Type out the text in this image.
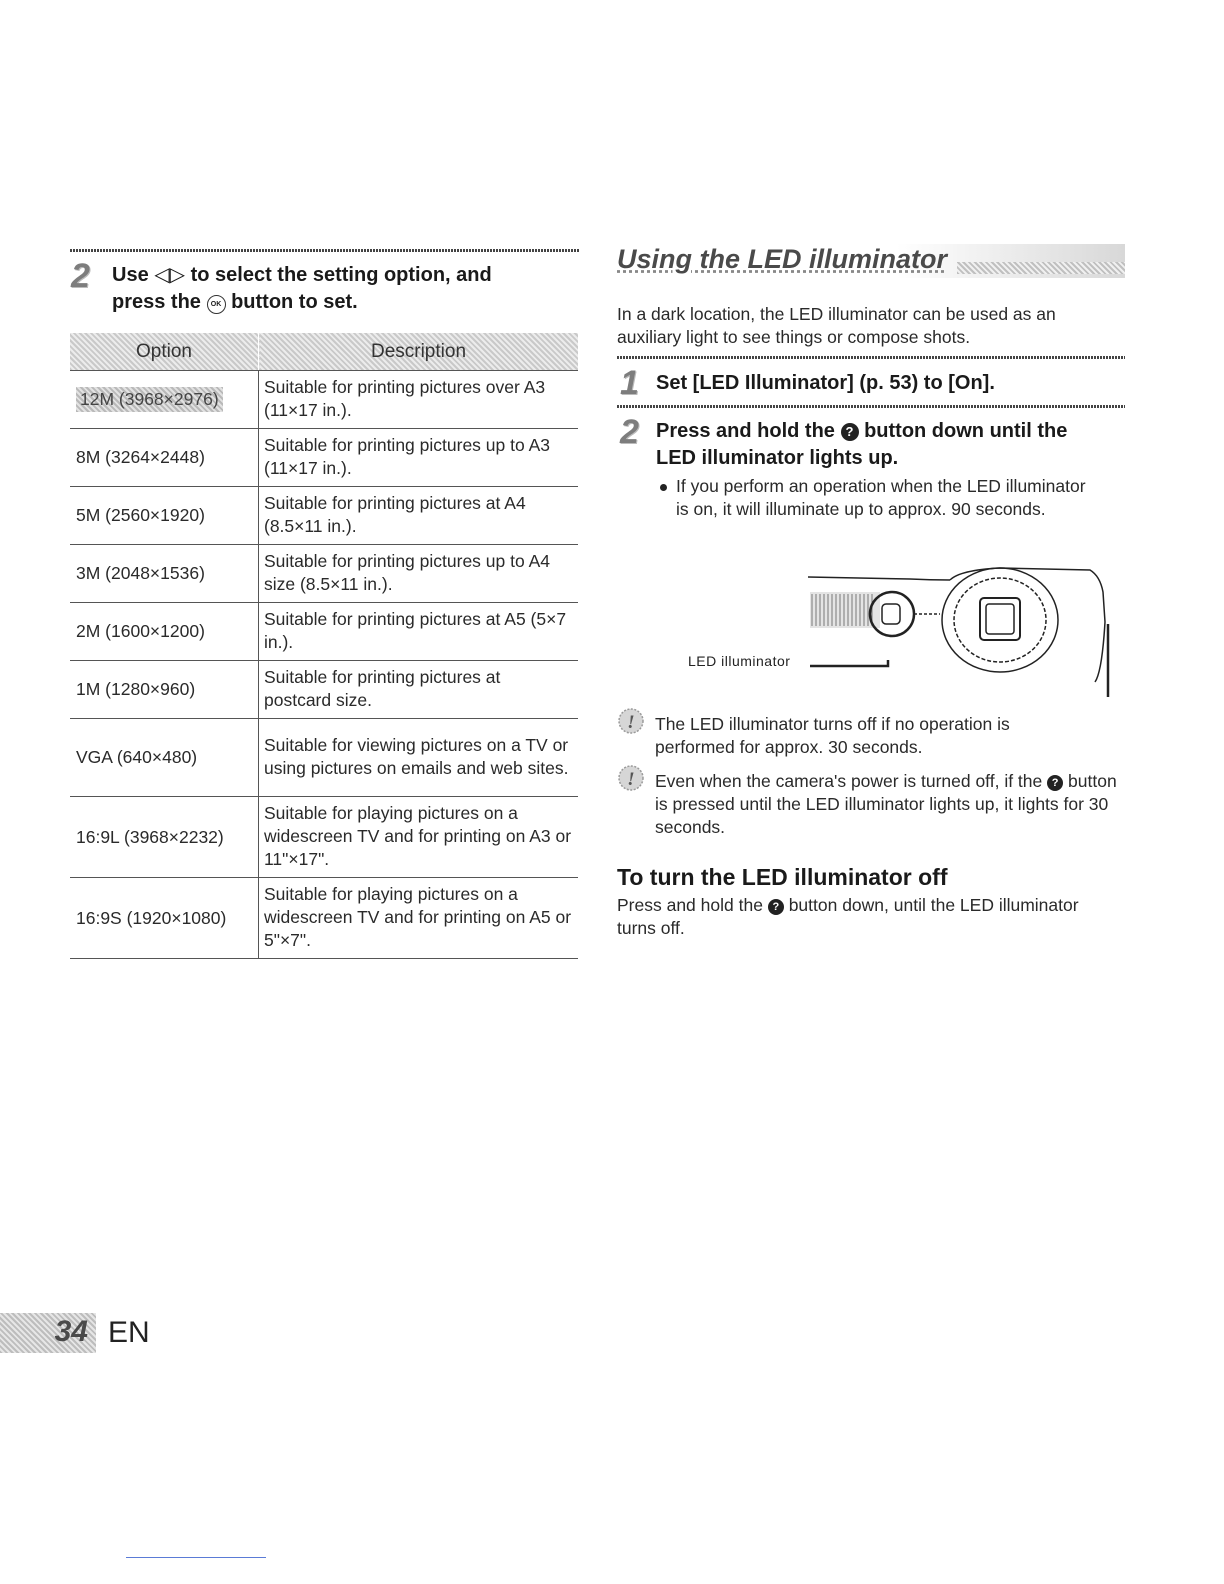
2 Use ◁▷ to select the setting option, and
press the OK button to set.
Option	Description
12M (3968×2976)	Suitable for printing pictures over A3 (11×17 in.).
8M (3264×2448)	Suitable for printing pictures up to A3 (11×17 in.).
5M (2560×1920)	Suitable for printing pictures at A4 (8.5×11 in.).
3M (2048×1536)	Suitable for printing pictures up to A4 size (8.5×11 in.).
2M (1600×1200)	Suitable for printing pictures at A5 (5×7 in.).
1M (1280×960)	Suitable for printing pictures at postcard size.
VGA (640×480)	Suitable for viewing pictures on a TV or using pictures on emails and web sites.
16:9L (3968×2232)	Suitable for playing pictures on a widescreen TV and for printing on A3 or 11"×17".
16:9S (1920×1080)	Suitable for playing pictures on a widescreen TV and for printing on A5 or 5"×7".
Using the LED illuminator
In a dark location, the LED illuminator can be used as an auxiliary light to see things or compose shots.
1 Set [LED Illuminator] (p. 53) to [On].
2 Press and hold the ? button down until the
LED illuminator lights up.
If you perform an operation when the LED illuminator is on, it will illuminate up to approx. 90 seconds.
LED illuminator
! The LED illuminator turns off if no operation is performed for approx. 30 seconds.
! Even when the camera's power is turned off, if the ? button is pressed until the LED illuminator lights up, it lights for 30 seconds.
To turn the LED illuminator off
Press and hold the ? button down, until the LED illuminator turns off.
34 EN
